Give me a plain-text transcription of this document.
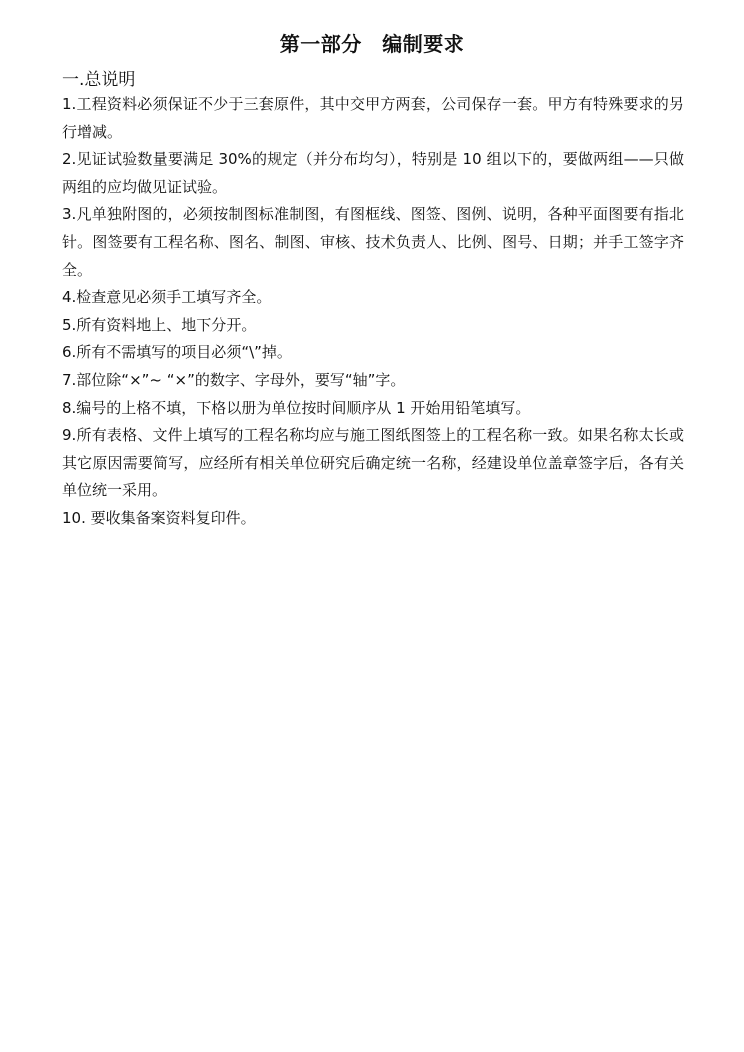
第一部分　编制要求
一.总说明

1.工程资料必须保证不少于三套原件，其中交甲方两套，公司保存一套。甲方有特殊要求的另行增减。

2.见证试验数量要满足 30%的规定（并分布均匀），特别是 10 组以下的，要做两组——只做两组的应均做见证试验。

3.凡单独附图的，必须按制图标准制图，有图框线、图签、图例、说明，各种平面图要有指北针。图签要有工程名称、图名、制图、审核、技术负责人、比例、图号、日期；并手工签字齐全。

4.检查意见必须手工填写齐全。

5.所有资料地上、地下分开。

6.所有不需填写的项目必须“\”掉。

7.部位除“×”~ “×”的数字、字母外，要写“轴”字。

8.编号的上格不填，下格以册为单位按时间顺序从 1 开始用铅笔填写。

9.所有表格、文件上填写的工程名称均应与施工图纸图签上的工程名称一致。如果名称太长或其它原因需要简写，应经所有相关单位研究后确定统一名称，经建设单位盖章签字后，各有关单位统一采用。

10. 要收集备案资料复印件。
